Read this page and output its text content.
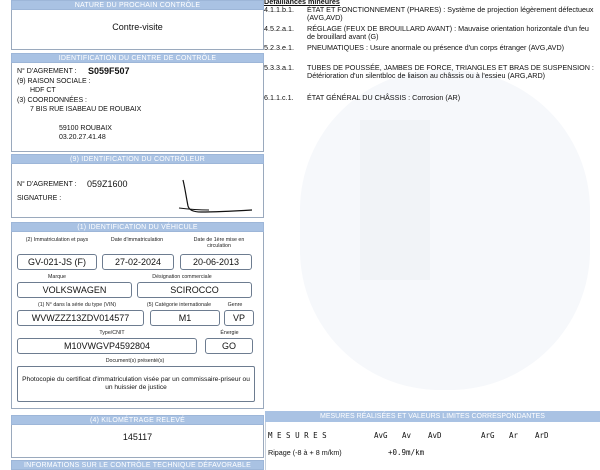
NATURE DU PROCHAIN CONTRÔLE
Contre-visite
IDENTIFICATION DU CENTRE DE CONTRÔLE
N° D'AGREMENT : S059F507
(9) RAISON SOCIALE :
HDF CT
(3) COORDONNÉES :
7 BIS RUE ISABEAU DE ROUBAIX
59100 ROUBAIX
03.20.27.41.48
(9) IDENTIFICATION DU CONTRÔLEUR
N° D'AGREMENT : 059Z1600
SIGNATURE :
(1) IDENTIFICATION DU VÉHICULE
(2) Immatriculation et pays	Date d'immatriculation	Date de 1ère mise en circulation
GV-021-JS (F)	27-02-2024	20-06-2013
Marque	Désignation commerciale
VOLKSWAGEN	SCIROCCO
(1) N° dans la série du type (VIN)	(5) Catégorie internationale	Genre
WVWZZZ13ZDV014577	M1	VP
Type/CNIT	Énergie
M10VWGVP4592804	GO
Document(s) présenté(s)
Photocopie du certificat d'immatriculation visée par un commissaire-priseur ou un huissier de justice
(4) KILOMÉTRAGE RELEVÉ
145117
INFORMATIONS SUR LE CONTRÔLE TECHNIQUE DÉFAVORABLE
Défaillances mineures
4.1.1.b.1.	ÉTAT ET FONCTIONNEMENT (PHARES) : Système de projection légèrement défectueux (AVG,AVD)
4.5.2.a.1.	RÉGLAGE (FEUX DE BROUILLARD AVANT) : Mauvaise orientation horizontale d'un feu de brouillard avant (G)
5.2.3.e.1.	PNEUMATIQUES : Usure anormale ou présence d'un corps étranger (AVG,AVD)
5.3.3.a.1.	TUBES DE POUSSÉE, JAMBES DE FORCE, TRIANGLES ET BRAS DE SUSPENSION : Détérioration d'un silentbloc de liaison au châssis ou à l'essieu (ARG,ARD)
6.1.1.c.1.	ÉTAT GÉNÉRAL DU CHÂSSIS : Corrosion (AR)
MESURES RÉALISÉES ET VALEURS LIMITES CORRESPONDANTES
M E S U R E S	AvG Av AvD	ArG Ar ArD
Ripage (-8 à + 8 m/km)	+0.9m/km
